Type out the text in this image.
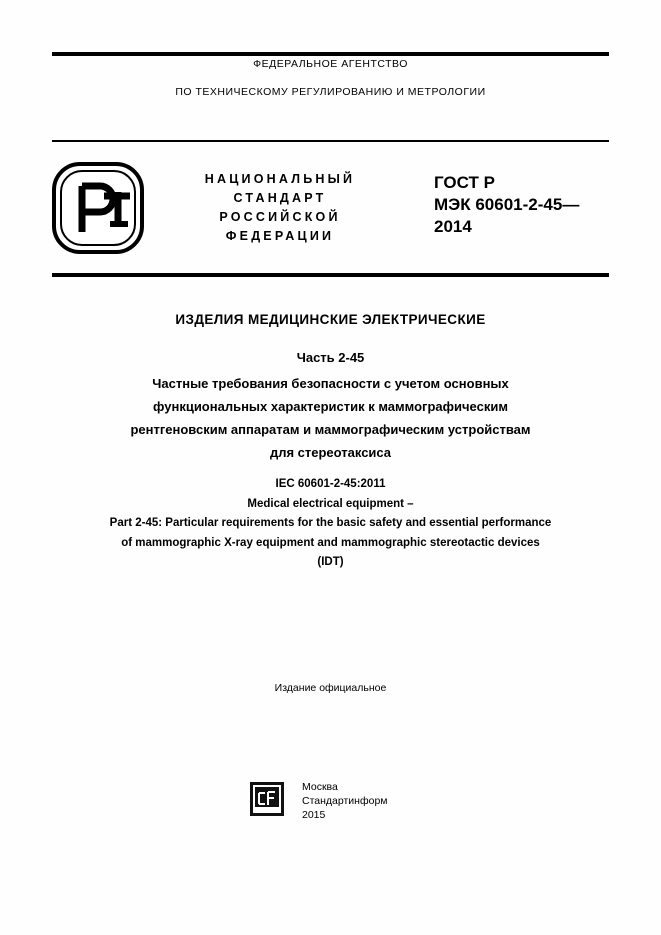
ФЕДЕРАЛЬНОЕ АГЕНТСТВО
ПО ТЕХНИЧЕСКОМУ РЕГУЛИРОВАНИЮ И МЕТРОЛОГИИ
НАЦИОНАЛЬНЫЙ
СТАНДАРТ
РОССИЙСКОЙ
ФЕДЕРАЦИИ
ГОСТ Р
МЭК 60601-2-45—
2014
ИЗДЕЛИЯ МЕДИЦИНСКИЕ ЭЛЕКТРИЧЕСКИЕ
Часть 2-45
Частные требования безопасности с учетом основных
функциональных характеристик к маммографическим
рентгеновским аппаратам и маммографическим устройствам
для стереотаксиса
IEC 60601-2-45:2011
Medical electrical equipment –
Part 2-45: Particular requirements for the basic safety and essential performance
of mammographic X-ray equipment and mammographic stereotactic devices
(IDT)
Издание официальное
Москва
Стандартинформ
2015
